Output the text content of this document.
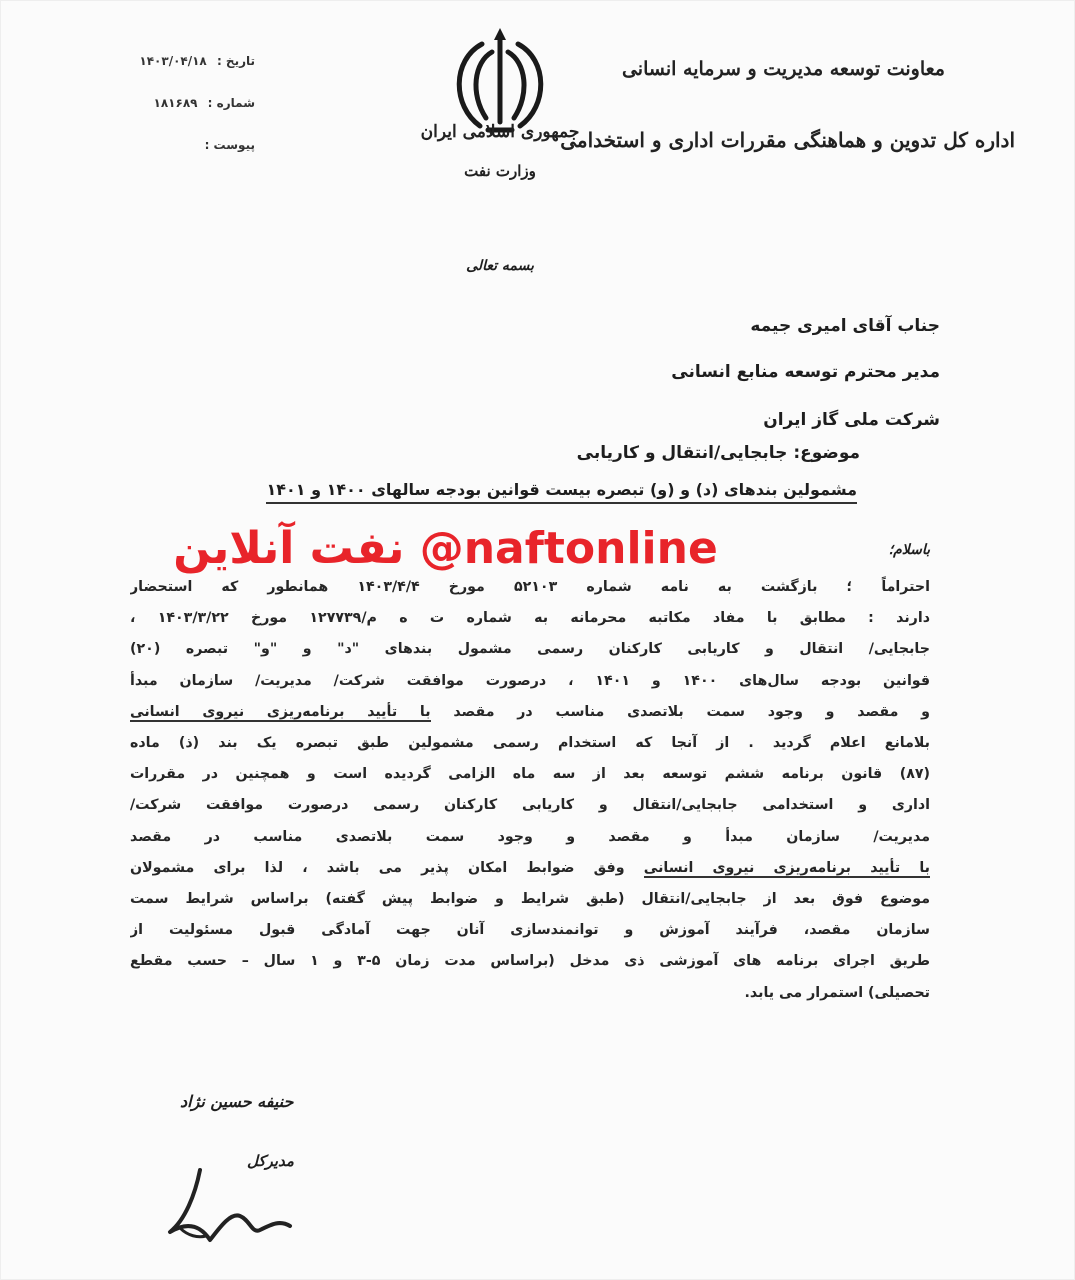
معاونت توسعه مدیریت و سرمایه انسانی
اداره کل تدوین و هماهنگی مقررات اداری و استخدامی
جمهوری اسلامی ایران
وزارت نفت
تاریخ : ۱۴۰۳/۰۴/۱۸
شماره : ۱۸۱۶۸۹
پیوست :
بسمه تعالی
جناب آقای امیری جیمه
مدیر محترم توسعه منابع انسانی
شرکت ملی گاز ایران
موضوع: جابجایی/انتقال و کاریابی
مشمولین بندهای (د) و (و) تبصره بیست قوانین بودجه سالهای ۱۴۰۰ و ۱۴۰۱
باسلام؛
احتراماً ؛ بازگشت به نامه شماره ۵۲۱۰۳ مورخ ۱۴۰۳/۴/۴ همانطور که استحضار
دارند : مطابق با مفاد مکاتبه محرمانه به شماره ت ه م/۱۲۷۷۳۹ مورخ ۱۴۰۳/۳/۲۲ ،
جابجایی/ انتقال و کاریابی کارکنان رسمی مشمول بندهای "د" و "و" تبصره (۲۰)
قوانین بودجه سال‌های ۱۴۰۰ و ۱۴۰۱ ، درصورت موافقت شرکت/ مدیریت/ سازمان مبدأ
و مقصد و وجود سمت بلاتصدی مناسب در مقصد با تأیید برنامه‌ریزی نیروی انسانی
بلامانع اعلام گردید . از آنجا که استخدام رسمی مشمولین طبق تبصره یک بند (ذ) ماده
(۸۷) قانون برنامه ششم توسعه بعد از سه ماه الزامی گردیده است و همچنین در مقررات
اداری و استخدامی جابجایی/انتقال و کاریابی کارکنان رسمی درصورت موافقت شرکت/
مدیریت/ سازمان مبدأ و مقصد و وجود سمت بلاتصدی مناسب در مقصد
با تأیید برنامه‌ریزی نیروی انسانی وفق ضوابط امکان پذیر می باشد ، لذا برای مشمولان
موضوع فوق بعد از جابجایی/انتقال (طبق شرایط و ضوابط پیش گفته) براساس شرایط سمت
سازمان مقصد، فرآیند آموزش و توانمندسازی آنان جهت آمادگی قبول مسئولیت از
طریق اجرای برنامه های آموزشی ذی مدخل (براساس مدت زمان ۵-۳ و ۱ سال – حسب مقطع
تحصیلی) استمرار می یابد.
نفت آنلاین @naftonline
حنیفه حسین نژاد
مدیرکل
